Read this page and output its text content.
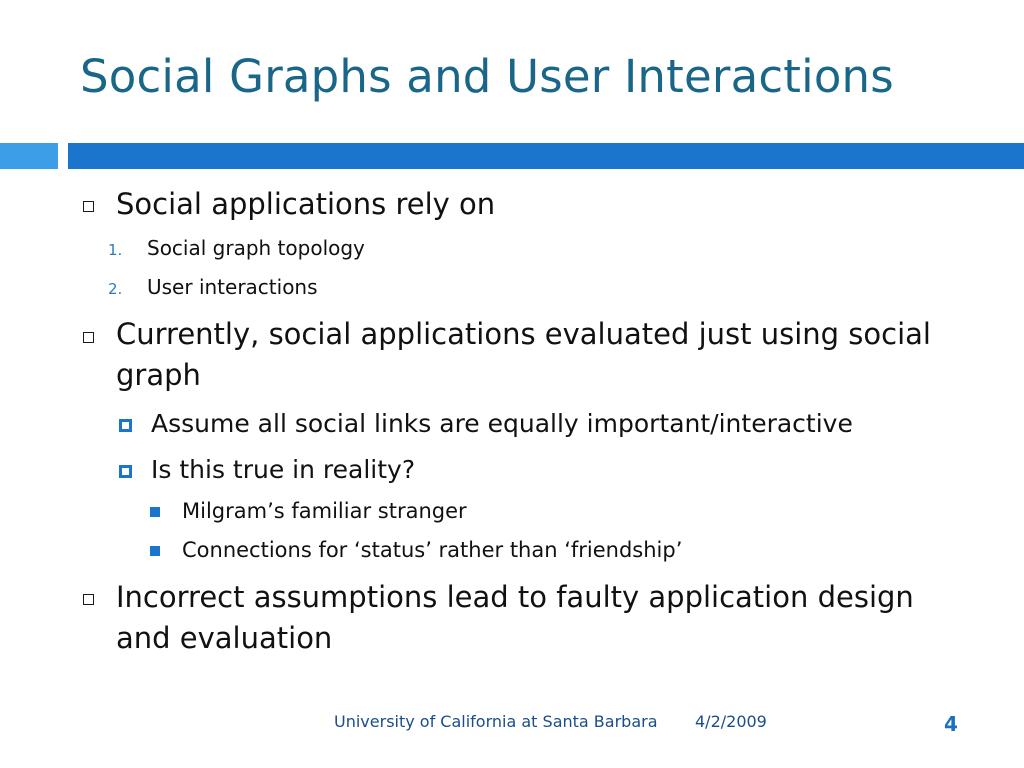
Social Graphs and User Interactions
Social applications rely on
1. Social graph topology
2. User interactions
Currently, social applications evaluated just using social
graph
Assume all social links are equally important/interactive
Is this true in reality?
Milgram’s familiar stranger
Connections for ‘status’ rather than ‘friendship’
Incorrect assumptions lead to faulty application design
and evaluation
University of California at Santa Barbara 4/2/2009	4
